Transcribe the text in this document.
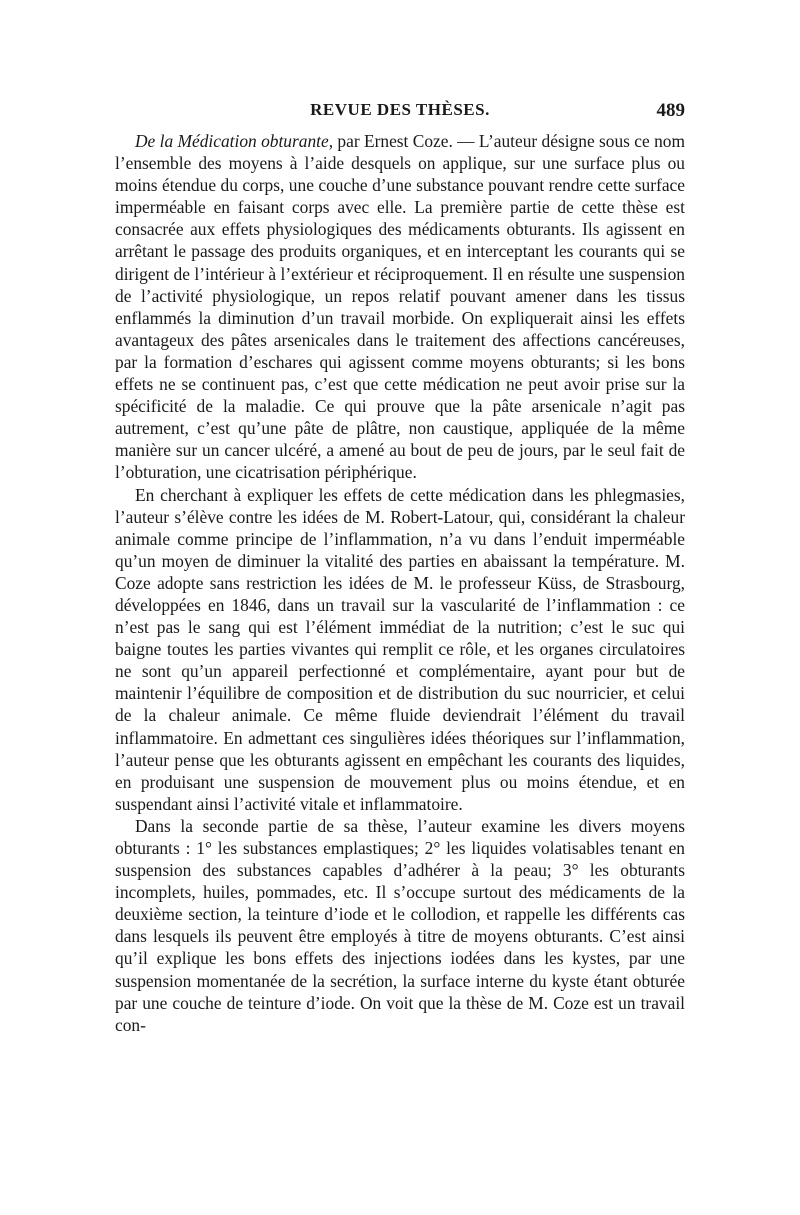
REVUE DES THÈSES.	489

De la Médication obturante, par Ernest Coze. — L’auteur désigne sous ce nom l’ensemble des moyens à l’aide desquels on applique, sur une surface plus ou moins étendue du corps, une couche d’une substance pouvant rendre cette surface imperméable en faisant corps avec elle. La première partie de cette thèse est consacrée aux effets physiologiques des médicaments obturants. Ils agissent en arrêtant le passage des produits organiques, et en interceptant les courants qui se dirigent de l’intérieur à l’extérieur et réciproquement. Il en résulte une suspension de l’activité physiologique, un repos relatif pouvant amener dans les tissus enflammés la diminution d’un travail morbide. On expliquerait ainsi les effets avantageux des pâtes arsenicales dans le traitement des affections cancéreuses, par la formation d’eschares qui agissent comme moyens obturants; si les bons effets ne se continuent pas, c’est que cette médication ne peut avoir prise sur la spécificité de la maladie. Ce qui prouve que la pâte arsenicale n’agit pas autrement, c’est qu’une pâte de plâtre, non caustique, appliquée de la même manière sur un cancer ulcéré, a amené au bout de peu de jours, par le seul fait de l’obturation, une cicatrisation périphérique.

En cherchant à expliquer les effets de cette médication dans les phlegmasies, l’auteur s’élève contre les idées de M. Robert-Latour, qui, considérant la chaleur animale comme principe de l’inflammation, n’a vu dans l’enduit imperméable qu’un moyen de diminuer la vitalité des parties en abaissant la température. M. Coze adopte sans restriction les idées de M. le professeur Küss, de Strasbourg, développées en 1846, dans un travail sur la vascularité de l’inflammation : ce n’est pas le sang qui est l’élément immédiat de la nutrition; c’est le suc qui baigne toutes les parties vivantes qui remplit ce rôle, et les organes circulatoires ne sont qu’un appareil perfectionné et complémentaire, ayant pour but de maintenir l’équilibre de composition et de distribution du suc nourricier, et celui de la chaleur animale. Ce même fluide deviendrait l’élément du travail inflammatoire. En admettant ces singulières idées théoriques sur l’inflammation, l’auteur pense que les obturants agissent en empêchant les courants des liquides, en produisant une suspension de mouvement plus ou moins étendue, et en suspendant ainsi l’activité vitale et inflammatoire.

Dans la seconde partie de sa thèse, l’auteur examine les divers moyens obturants : 1° les substances emplastiques; 2° les liquides volatisables tenant en suspension des substances capables d’adhérer à la peau; 3° les obturants incomplets, huiles, pommades, etc. Il s’occupe surtout des médicaments de la deuxième section, la teinture d’iode et le collodion, et rappelle les différents cas dans lesquels ils peuvent être employés à titre de moyens obturants. C’est ainsi qu’il explique les bons effets des injections iodées dans les kystes, par une suspension momentanée de la secrétion, la surface interne du kyste étant obturée par une couche de teinture d’iode. On voit que la thèse de M. Coze est un travail con-
